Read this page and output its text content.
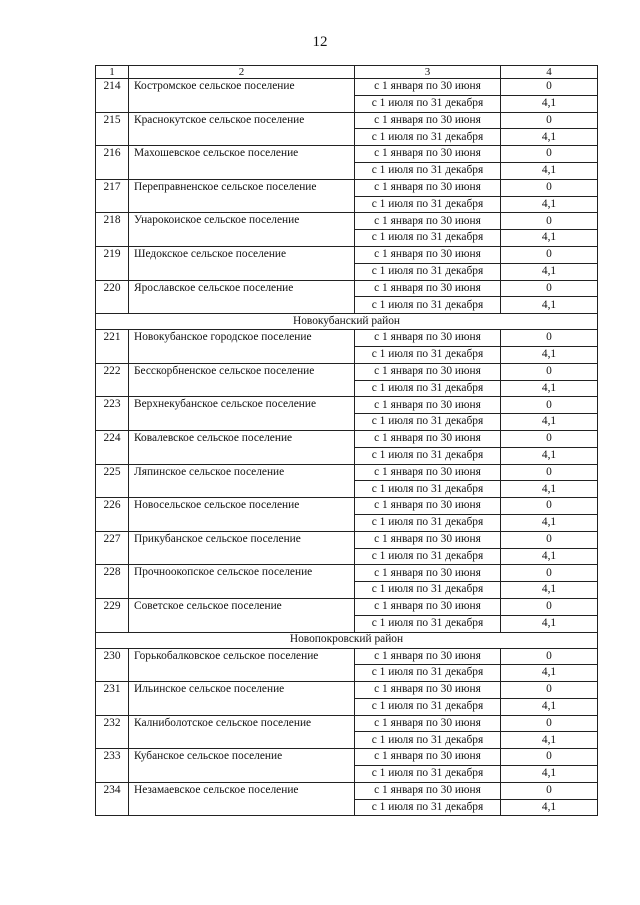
12
1	2	3	4
214	Костромское сельское поселение	с 1 января по 30 июня	0
		с 1 июля по 31 декабря	4,1
215	Краснокутское сельское поселение	с 1 января по 30 июня	0
		с 1 июля по 31 декабря	4,1
216	Махошевское сельское поселение	с 1 января по 30 июня	0
		с 1 июля по 31 декабря	4,1
217	Переправненское сельское поселение	с 1 января по 30 июня	0
		с 1 июля по 31 декабря	4,1
218	Унарокоиское сельское поселение	с 1 января по 30 июня	0
		с 1 июля по 31 декабря	4,1
219	Шедокское сельское поселение	с 1 января по 30 июня	0
		с 1 июля по 31 декабря	4,1
220	Ярославское сельское поселение	с 1 января по 30 июня	0
		с 1 июля по 31 декабря	4,1
Новокубанский район			
221	Новокубанское городское поселение	с 1 января по 30 июня	0
		с 1 июля по 31 декабря	4,1
222	Бесскорбненское сельское поселение	с 1 января по 30 июня	0
		с 1 июля по 31 декабря	4,1
223	Верхнекубанское сельское поселение	с 1 января по 30 июня	0
		с 1 июля по 31 декабря	4,1
224	Ковалевское сельское поселение	с 1 января по 30 июня	0
		с 1 июля по 31 декабря	4,1
225	Ляпинское сельское поселение	с 1 января по 30 июня	0
		с 1 июля по 31 декабря	4,1
226	Новосельское сельское поселение	с 1 января по 30 июня	0
		с 1 июля по 31 декабря	4,1
227	Прикубанское сельское поселение	с 1 января по 30 июня	0
		с 1 июля по 31 декабря	4,1
228	Прочноокопское сельское поселение	с 1 января по 30 июня	0
		с 1 июля по 31 декабря	4,1
229	Советское сельское поселение	с 1 января по 30 июня	0
		с 1 июля по 31 декабря	4,1
Новопокровский район			
230	Горькобалковское сельское поселение	с 1 января по 30 июня	0
		с 1 июля по 31 декабря	4,1
231	Ильинское сельское поселение	с 1 января по 30 июня	0
		с 1 июля по 31 декабря	4,1
232	Калниболотское сельское поселение	с 1 января по 30 июня	0
		с 1 июля по 31 декабря	4,1
233	Кубанское сельское поселение	с 1 января по 30 июня	0
		с 1 июля по 31 декабря	4,1
234	Незамаевское сельское поселение	с 1 января по 30 июня	0
		с 1 июля по 31 декабря	4,1
